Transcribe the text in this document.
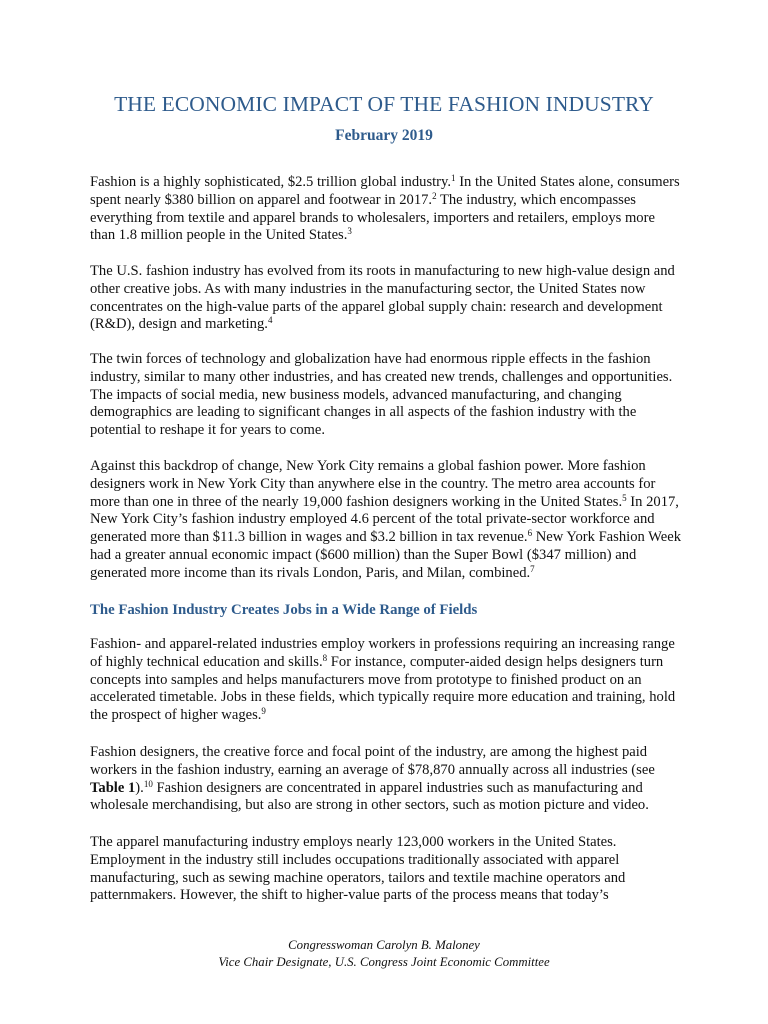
THE ECONOMIC IMPACT OF THE FASHION INDUSTRY
February 2019

Fashion is a highly sophisticated, $2.5 trillion global industry.$^1$ In the United States alone, consumers spent nearly $380 billion on apparel and footwear in 2017.$^2$ The industry, which encompasses everything from textile and apparel brands to wholesalers, importers and retailers, employs more than 1.8 million people in the United States.$^3$

The U.S. fashion industry has evolved from its roots in manufacturing to new high-value design and other creative jobs. As with many industries in the manufacturing sector, the United States now concentrates on the high-value parts of the apparel global supply chain: research and development (R&D), design and marketing.$^4$

The twin forces of technology and globalization have had enormous ripple effects in the fashion industry, similar to many other industries, and has created new trends, challenges and opportunities. The impacts of social media, new business models, advanced manufacturing, and changing demographics are leading to significant changes in all aspects of the fashion industry with the potential to reshape it for years to come.

Against this backdrop of change, New York City remains a global fashion power. More fashion designers work in New York City than anywhere else in the country. The metro area accounts for more than one in three of the nearly 19,000 fashion designers working in the United States.$^5$ In 2017, New York City’s fashion industry employed 4.6 percent of the total private-sector workforce and generated more than $11.3 billion in wages and $3.2 billion in tax revenue.$^6$ New York Fashion Week had a greater annual economic impact ($600 million) than the Super Bowl ($347 million) and generated more income than its rivals London, Paris, and Milan, combined.$^7$

The Fashion Industry Creates Jobs in a Wide Range of Fields

Fashion- and apparel-related industries employ workers in professions requiring an increasing range of highly technical education and skills.$^8$ For instance, computer-aided design helps designers turn concepts into samples and helps manufacturers move from prototype to finished product on an accelerated timetable. Jobs in these fields, which typically require more education and training, hold the prospect of higher wages.$^9$

Fashion designers, the creative force and focal point of the industry, are among the highest paid workers in the fashion industry, earning an average of $78,870 annually across all industries (see Table 1).$^{10}$ Fashion designers are concentrated in apparel industries such as manufacturing and wholesale merchandising, but also are strong in other sectors, such as motion picture and video.

The apparel manufacturing industry employs nearly 123,000 workers in the United States. Employment in the industry still includes occupations traditionally associated with apparel manufacturing, such as sewing machine operators, tailors and textile machine operators and patternmakers. However, the shift to higher-value parts of the process means that today’s

Congresswoman Carolyn B. Maloney
Vice Chair Designate, U.S. Congress Joint Economic Committee
